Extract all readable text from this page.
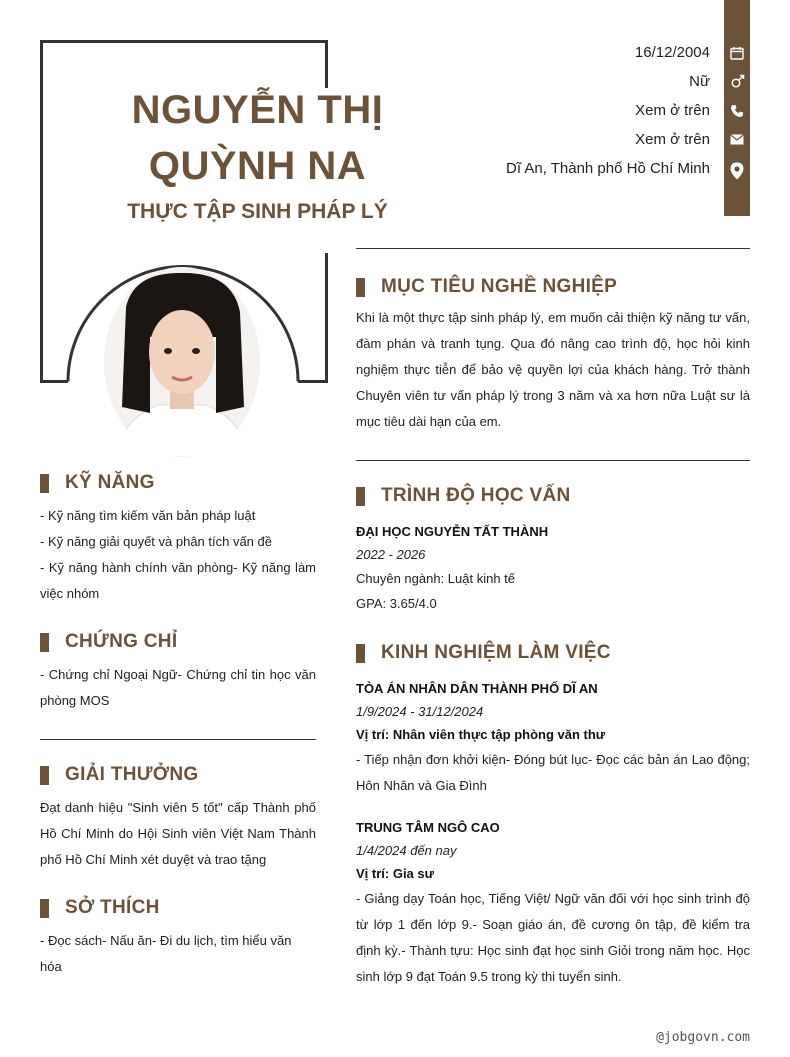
NGUYỄN THỊ
QUỲNH NA
THỰC TẬP SINH PHÁP LÝ
16/12/2004
Nữ
Xem ở trên
Xem ở trên
Dĩ An, Thành phố Hồ Chí Minh
MỤC TIÊU NGHỀ NGHIỆP
Khi là một thực tập sinh pháp lý, em muốn cải thiện kỹ năng tư vấn, đàm phán và tranh tụng. Qua đó nâng cao trình độ, học hỏi kinh nghiệm thực tiễn để bảo vệ quyền lợi của khách hàng. Trở thành Chuyên viên tư vấn pháp lý trong 3 năm và xa hơn nữa Luật sư là mục tiêu dài hạn của em.
TRÌNH ĐỘ HỌC VẤN
ĐẠI HỌC NGUYỄN TẤT THÀNH
2022 - 2026
Chuyên ngành: Luật kinh tế
GPA: 3.65/4.0
KINH NGHIỆM LÀM VIỆC
TÒA ÁN NHÂN DÂN THÀNH PHỐ DĨ AN
1/9/2024 - 31/12/2024
Vị trí: Nhân viên thực tập phòng văn thư
- Tiếp nhận đơn khởi kiện- Đóng bút lục- Đọc các bản án Lao động; Hôn Nhân và Gia Đình
TRUNG TÂM NGÔ CAO
1/4/2024 đến nay
Vị trí: Gia sư
- Giảng dạy Toán học, Tiếng Việt/ Ngữ văn đối với học sinh trình độ từ lớp 1 đến lớp 9.- Soạn giáo án, đề cương ôn tập, đề kiểm tra định kỳ.- Thành tựu: Học sinh đạt học sinh Giỏi trong năm học. Học sinh lớp 9 đạt Toán 9.5 trong kỳ thi tuyển sinh.
KỸ NĂNG
- Kỹ năng tìm kiếm văn bản pháp luật
- Kỹ năng giải quyết và phân tích vấn đề
- Kỹ năng hành chính văn phòng- Kỹ năng làm việc nhóm
CHỨNG CHỈ
- Chứng chỉ Ngoại Ngữ- Chứng chỉ tin học văn phòng MOS
GIẢI THƯỞNG
Đạt danh hiệu "Sinh viên 5 tốt" cấp Thành phố Hồ Chí Minh do Hội Sinh viên Việt Nam Thành phố Hồ Chí Minh xét duyệt và trao tặng
SỞ THÍCH
- Đọc sách- Nấu ăn- Đi du lịch, tìm hiểu văn hóa
@jobgovn.com
